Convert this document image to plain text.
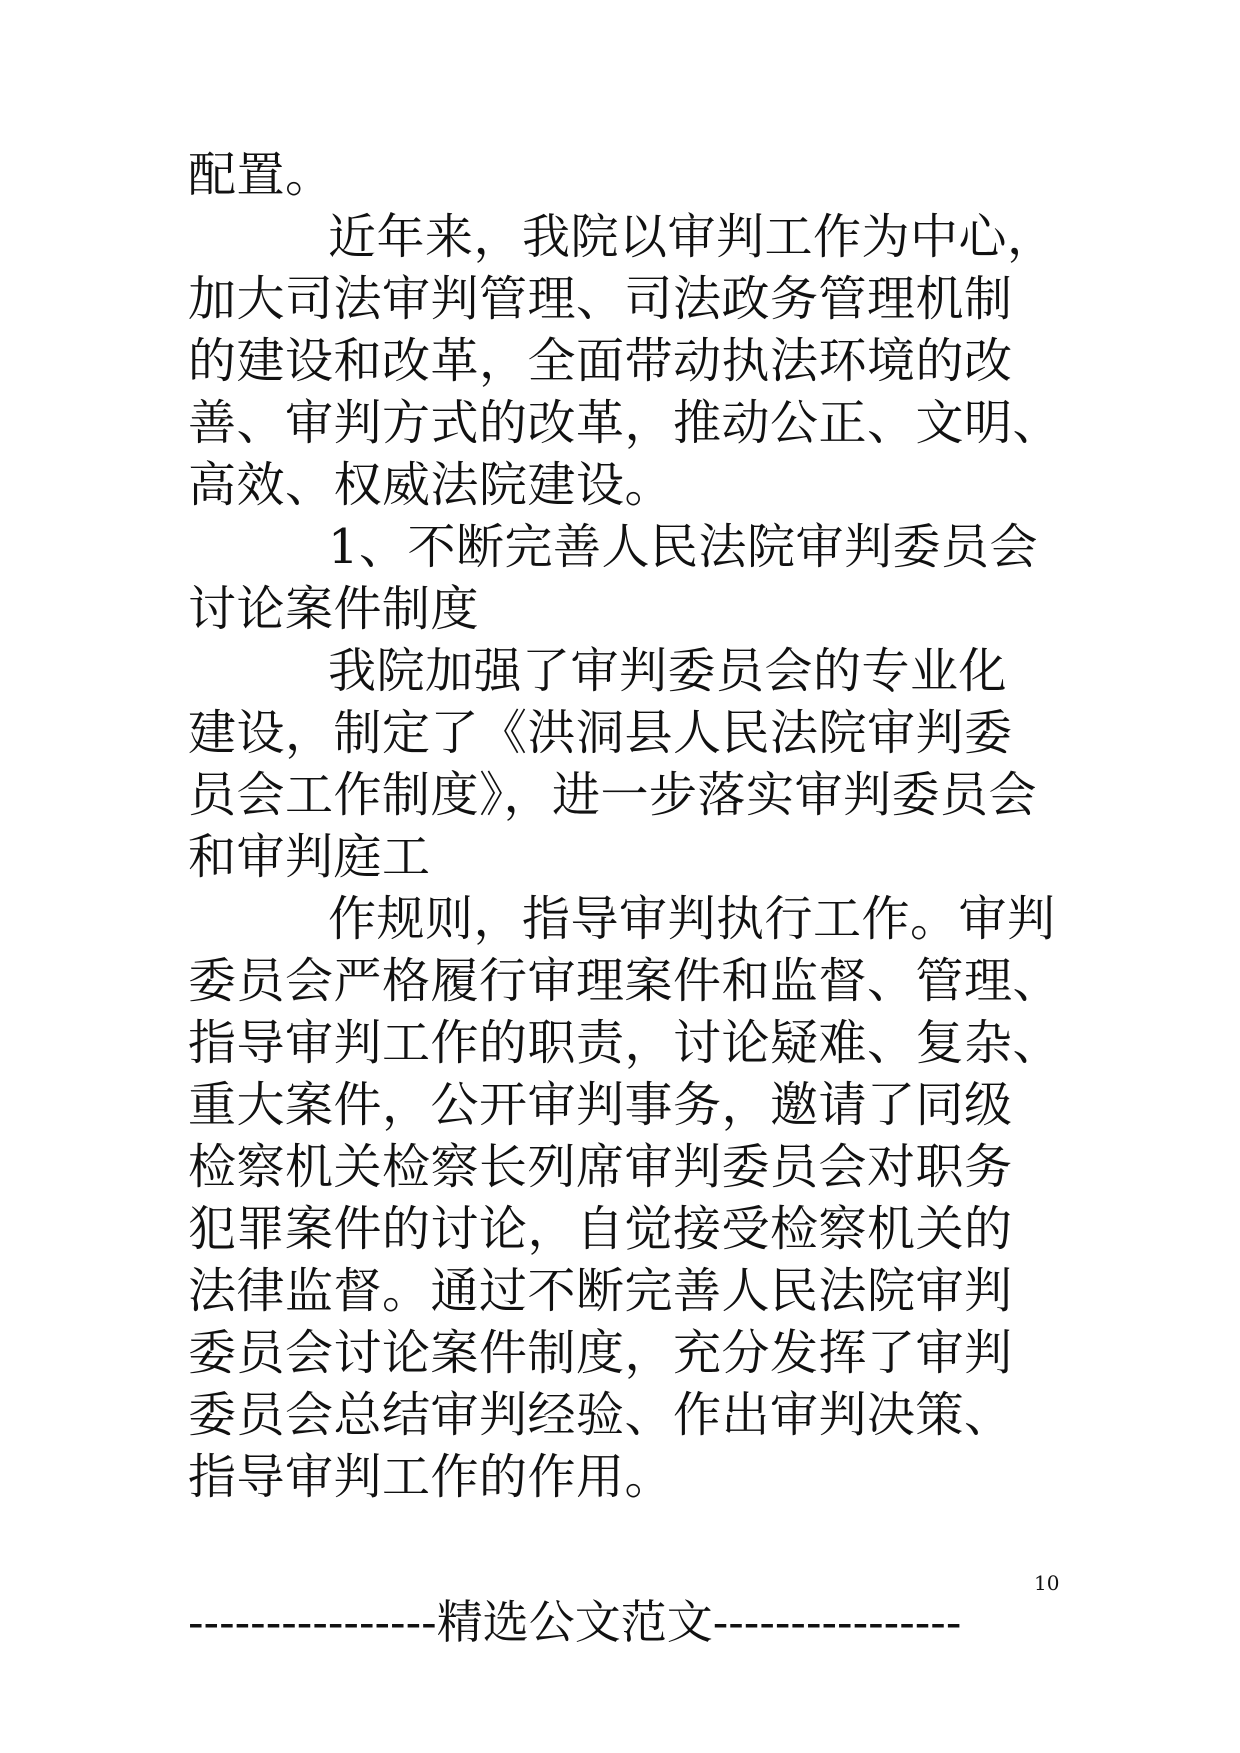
配置。
近年来，我院以审判工作为中心，
加大司法审判管理、司法政务管理机制
的建设和改革，全面带动执法环境的改
善、审判方式的改革，推动公正、文明、
高效、权威法院建设。
1、不断完善人民法院审判委员会
讨论案件制度
我院加强了审判委员会的专业化
建设，制定了《洪洞县人民法院审判委
员会工作制度》，进一步落实审判委员会
和审判庭工
作规则，指导审判执行工作。审判
委员会严格履行审理案件和监督、管理、
指导审判工作的职责，讨论疑难、复杂、
重大案件，公开审判事务，邀请了同级
检察机关检察长列席审判委员会对职务
犯罪案件的讨论，自觉接受检察机关的
法律监督。通过不断完善人民法院审判
委员会讨论案件制度，充分发挥了审判
委员会总结审判经验、作出审判决策、
指导审判工作的作用。
10
----------------精选公文范文----------------
